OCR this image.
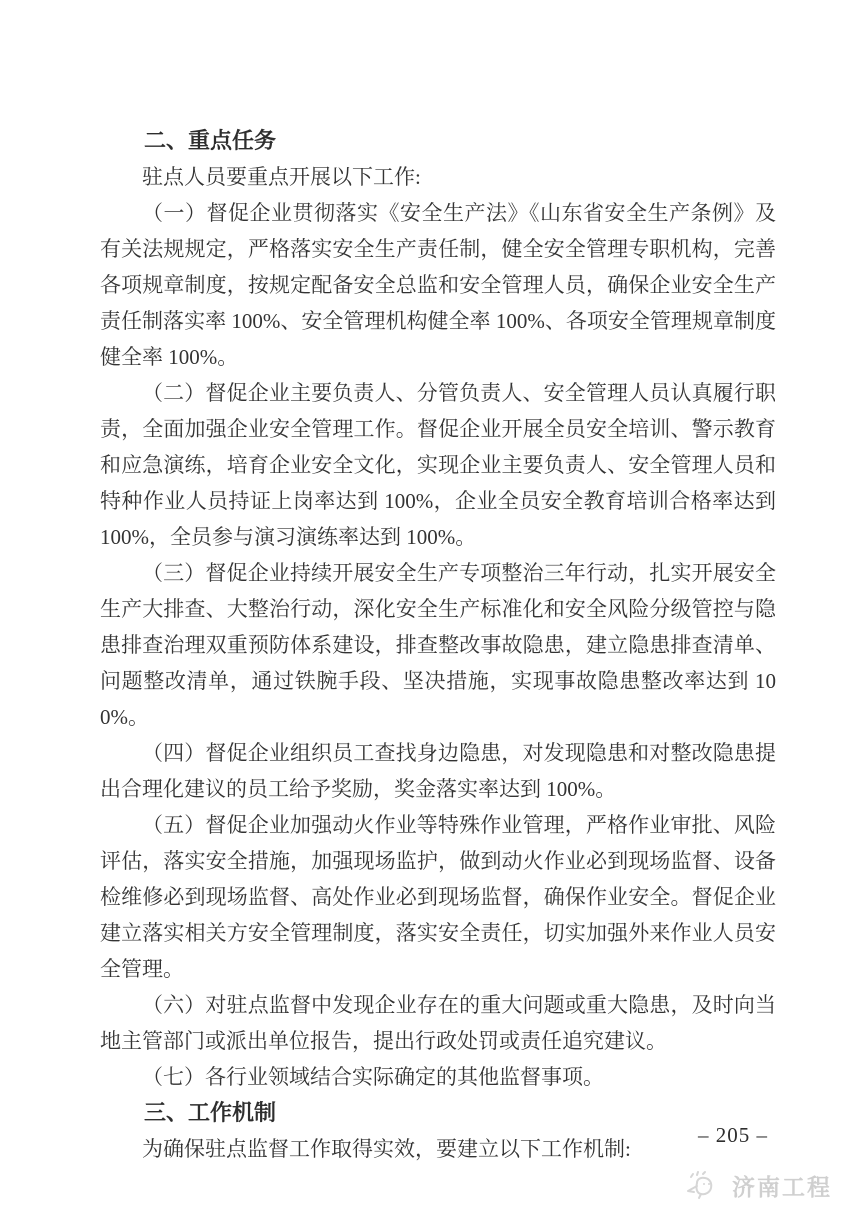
二、重点任务

驻点人员要重点开展以下工作:

（一）督促企业贯彻落实《安全生产法》《山东省安全生产条例》及有关法规规定，严格落实安全生产责任制，健全安全管理专职机构，完善各项规章制度，按规定配备安全总监和安全管理人员，确保企业安全生产责任制落实率 100%、安全管理机构健全率 100%、各项安全管理规章制度健全率 100%。

（二）督促企业主要负责人、分管负责人、安全管理人员认真履行职责，全面加强企业安全管理工作。督促企业开展全员安全培训、警示教育和应急演练，培育企业安全文化，实现企业主要负责人、安全管理人员和特种作业人员持证上岗率达到 100%，企业全员安全教育培训合格率达到 100%，全员参与演习演练率达到 100%。

（三）督促企业持续开展安全生产专项整治三年行动，扎实开展安全生产大排查、大整治行动，深化安全生产标准化和安全风险分级管控与隐患排查治理双重预防体系建设，排查整改事故隐患，建立隐患排查清单、问题整改清单，通过铁腕手段、坚决措施，实现事故隐患整改率达到 100%。

（四）督促企业组织员工查找身边隐患，对发现隐患和对整改隐患提出合理化建议的员工给予奖励，奖金落实率达到 100%。

（五）督促企业加强动火作业等特殊作业管理，严格作业审批、风险评估，落实安全措施，加强现场监护，做到动火作业必到现场监督、设备检维修必到现场监督、高处作业必到现场监督，确保作业安全。督促企业建立落实相关方安全管理制度，落实安全责任，切实加强外来作业人员安全管理。

（六）对驻点监督中发现企业存在的重大问题或重大隐患，及时向当地主管部门或派出单位报告，提出行政处罚或责任追究建议。

（七）各行业领域结合实际确定的其他监督事项。

三、工作机制

为确保驻点监督工作取得实效，要建立以下工作机制:

– 205 –
济南工程
